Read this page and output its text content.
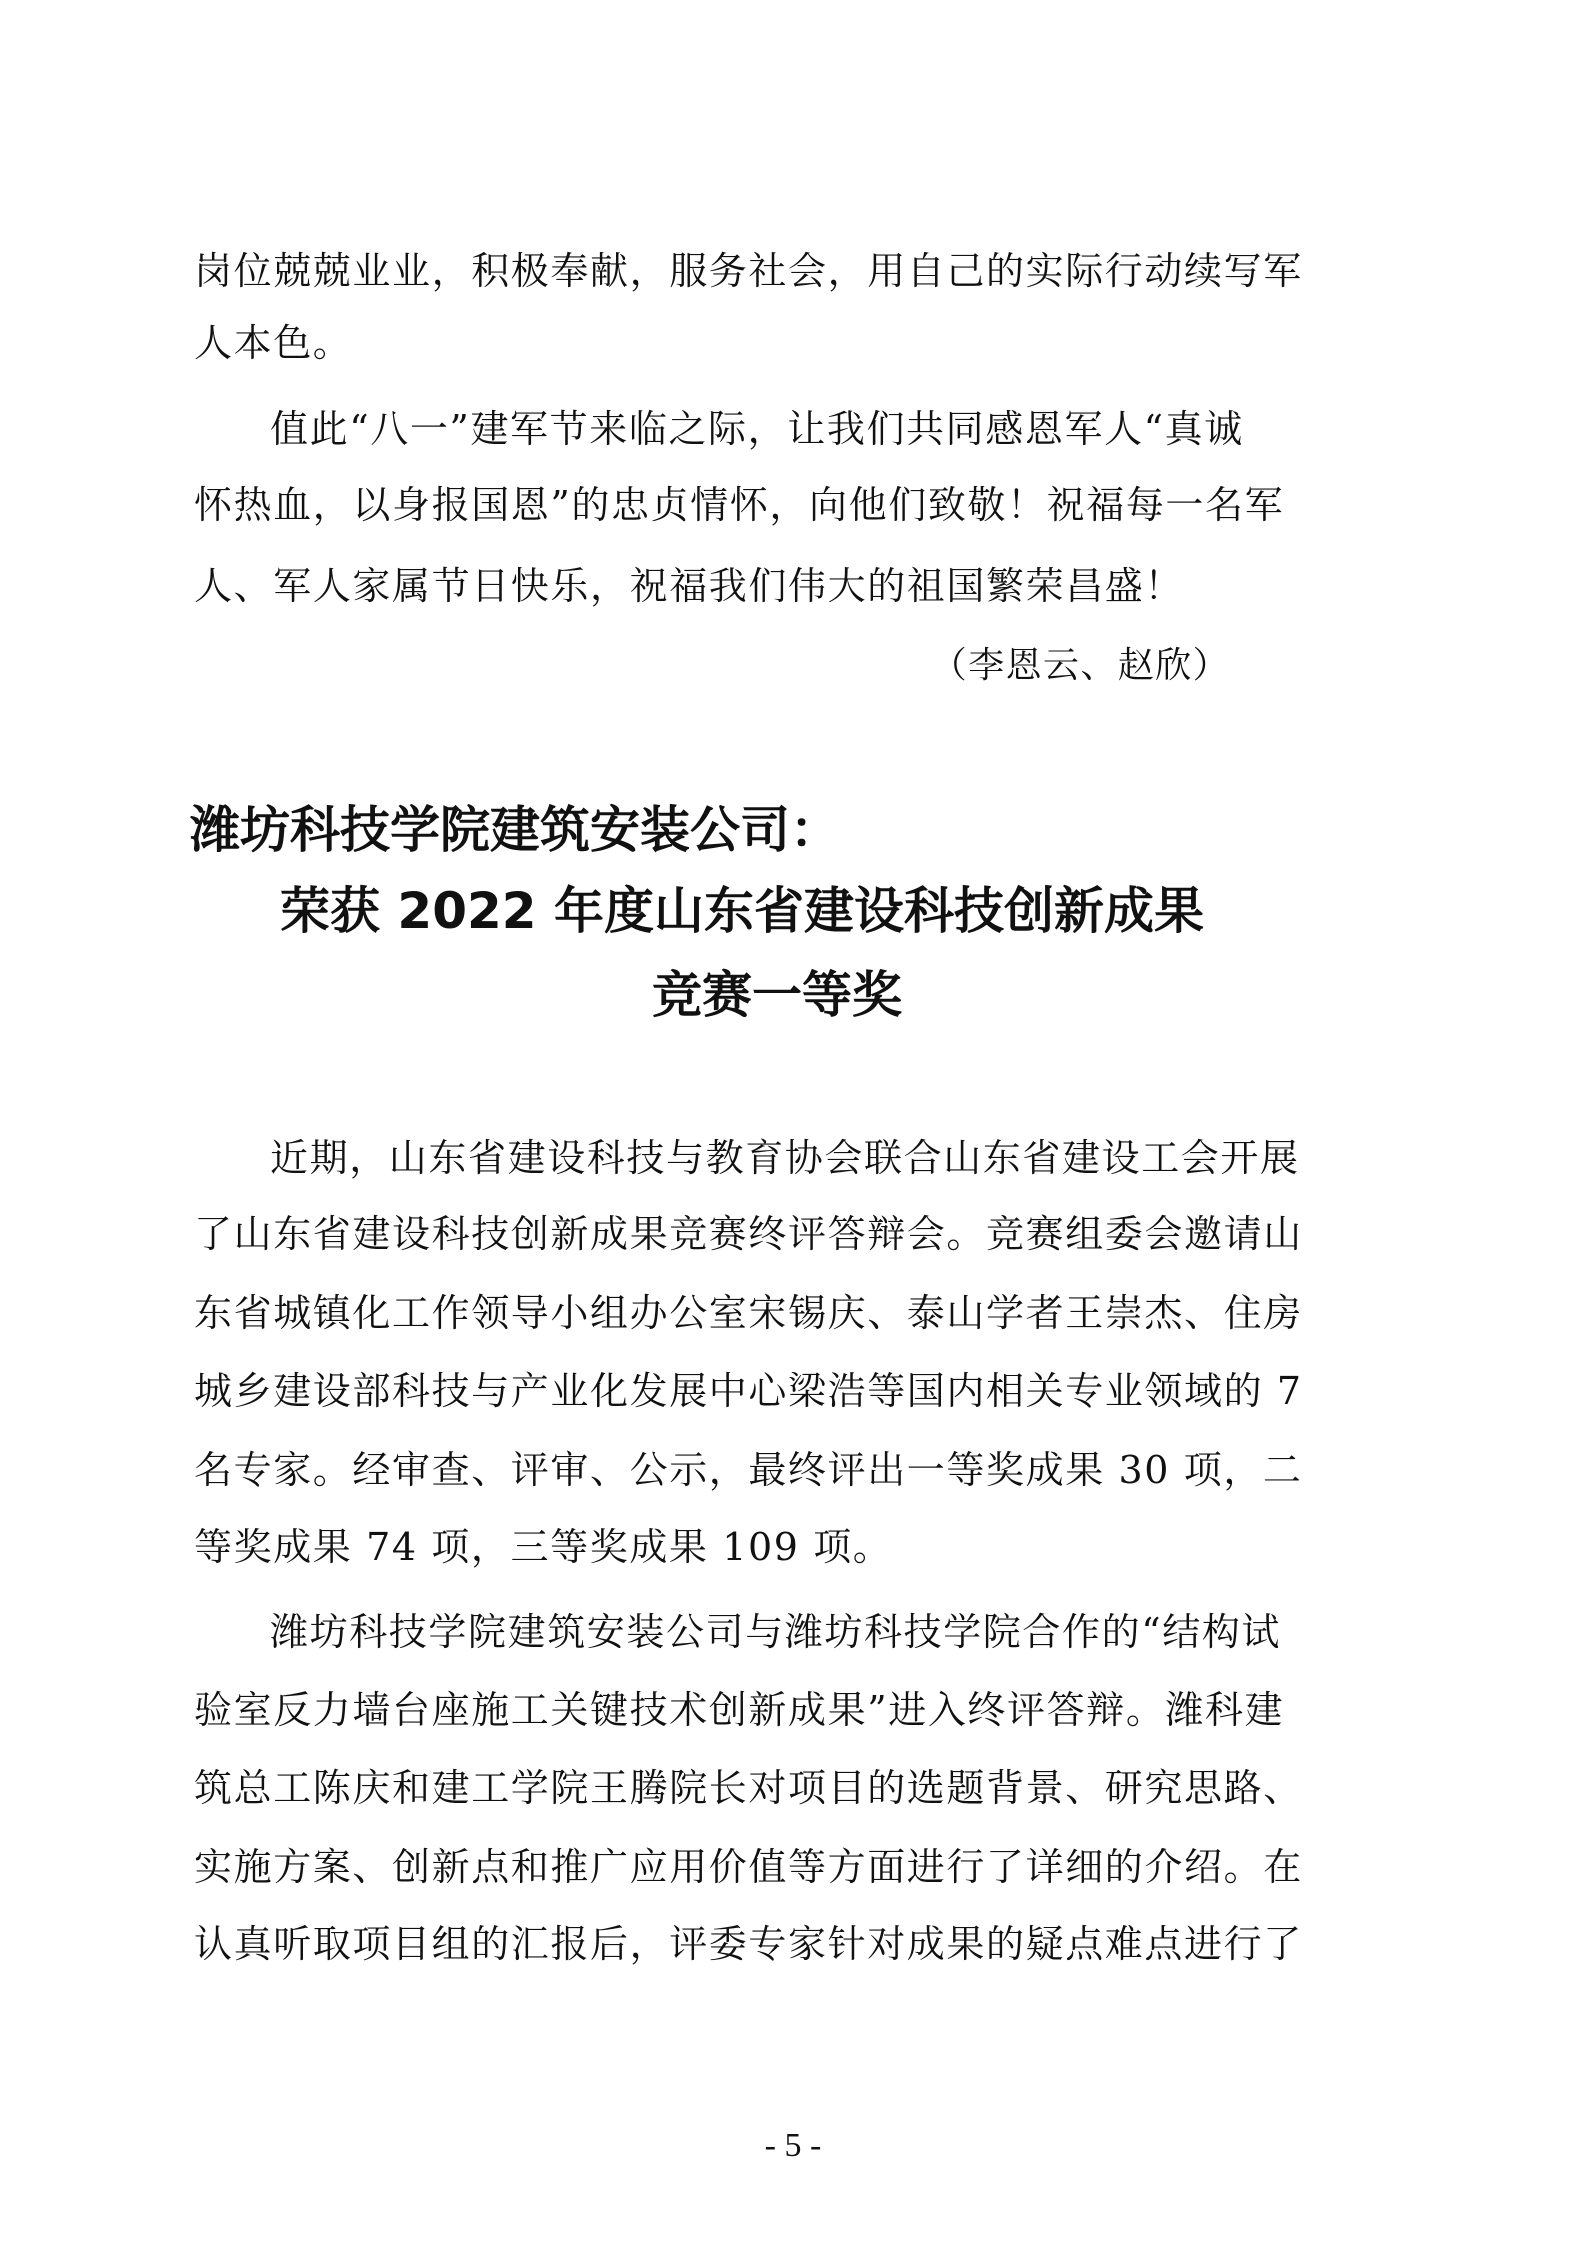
岗位兢兢业业，积极奉献，服务社会，用自己的实际行动续写军
人本色。
值此“八一”建军节来临之际，让我们共同感恩军人“真诚
怀热血，以身报国恩”的忠贞情怀，向他们致敬！祝福每一名军
人、军人家属节日快乐，祝福我们伟大的祖国繁荣昌盛！
（李恩云、赵欣）
潍坊科技学院建筑安装公司：
荣获 2022 年度山东省建设科技创新成果
竞赛一等奖
近期，山东省建设科技与教育协会联合山东省建设工会开展
了山东省建设科技创新成果竞赛终评答辩会。竞赛组委会邀请山
东省城镇化工作领导小组办公室宋锡庆、泰山学者王崇杰、住房
城乡建设部科技与产业化发展中心梁浩等国内相关专业领域的 7
名专家。经审查、评审、公示，最终评出一等奖成果 30 项，二
等奖成果 74 项，三等奖成果 109 项。
潍坊科技学院建筑安装公司与潍坊科技学院合作的“结构试
验室反力墙台座施工关键技术创新成果”进入终评答辩。潍科建
筑总工陈庆和建工学院王腾院长对项目的选题背景、研究思路、
实施方案、创新点和推广应用价值等方面进行了详细的介绍。在
认真听取项目组的汇报后，评委专家针对成果的疑点难点进行了
- 5 -
